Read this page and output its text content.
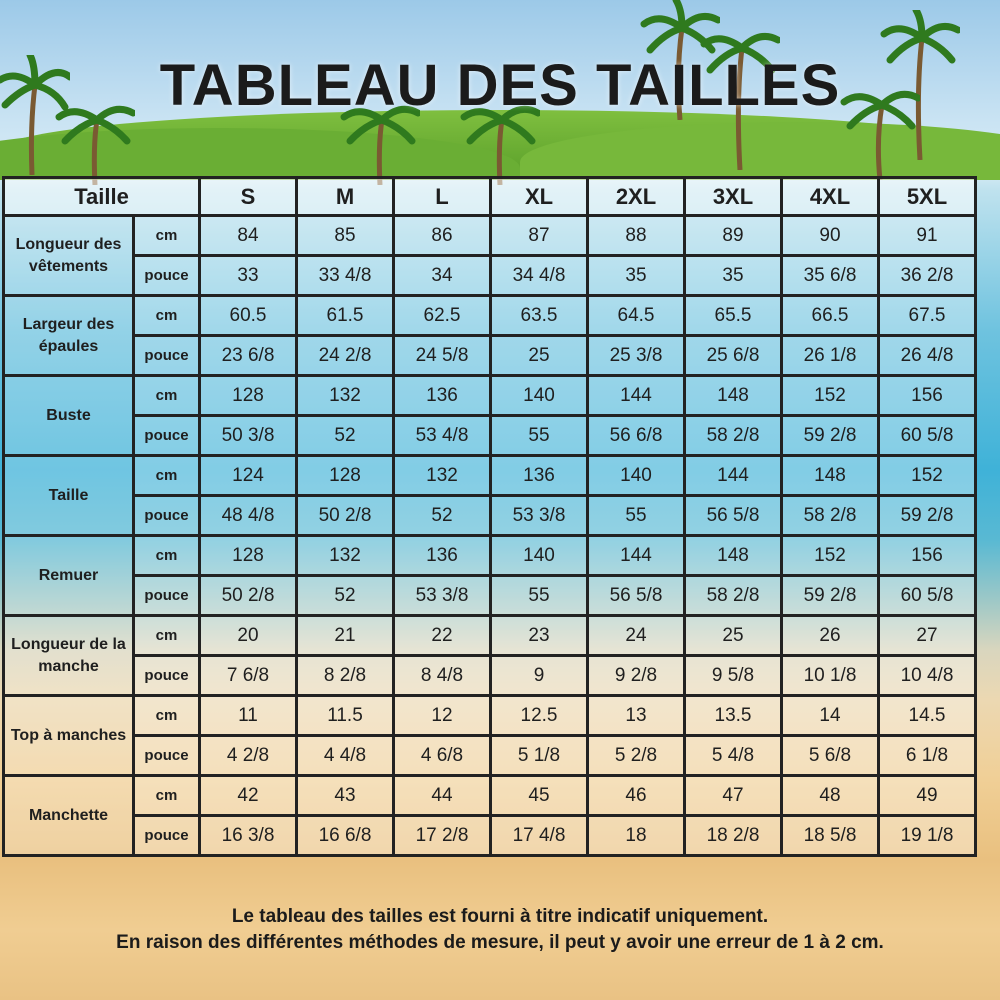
TABLEAU DES TAILLES
Taille		S	M	L	XL	2XL	3XL	4XL	5XL
Longueur des vêtements	cm	84	85	86	87	88	89	90	91
	pouce	33	33 4/8	34	34 4/8	35	35	35 6/8	36 2/8
Largeur des épaules	cm	60.5	61.5	62.5	63.5	64.5	65.5	66.5	67.5
	pouce	23 6/8	24 2/8	24 5/8	25	25 3/8	25 6/8	26 1/8	26 4/8
Buste	cm	128	132	136	140	144	148	152	156
	pouce	50 3/8	52	53 4/8	55	56 6/8	58 2/8	59 2/8	60 5/8
Taille	cm	124	128	132	136	140	144	148	152
	pouce	48 4/8	50 2/8	52	53 3/8	55	56 5/8	58 2/8	59 2/8
Remuer	cm	128	132	136	140	144	148	152	156
	pouce	50 2/8	52	53 3/8	55	56 5/8	58 2/8	59 2/8	60 5/8
Longueur de la manche	cm	20	21	22	23	24	25	26	27
	pouce	7 6/8	8 2/8	8 4/8	9	9 2/8	9 5/8	10 1/8	10 4/8
Top à manches	cm	11	11.5	12	12.5	13	13.5	14	14.5
	pouce	4 2/8	4 4/8	4 6/8	5 1/8	5 2/8	5 4/8	5 6/8	6 1/8
Manchette	cm	42	43	44	45	46	47	48	49
	pouce	16 3/8	16 6/8	17 2/8	17 4/8	18	18 2/8	18 5/8	19 1/8
Le tableau des tailles est fourni à titre indicatif uniquement.
En raison des différentes méthodes de mesure, il peut y avoir une erreur de 1 à 2 cm.
